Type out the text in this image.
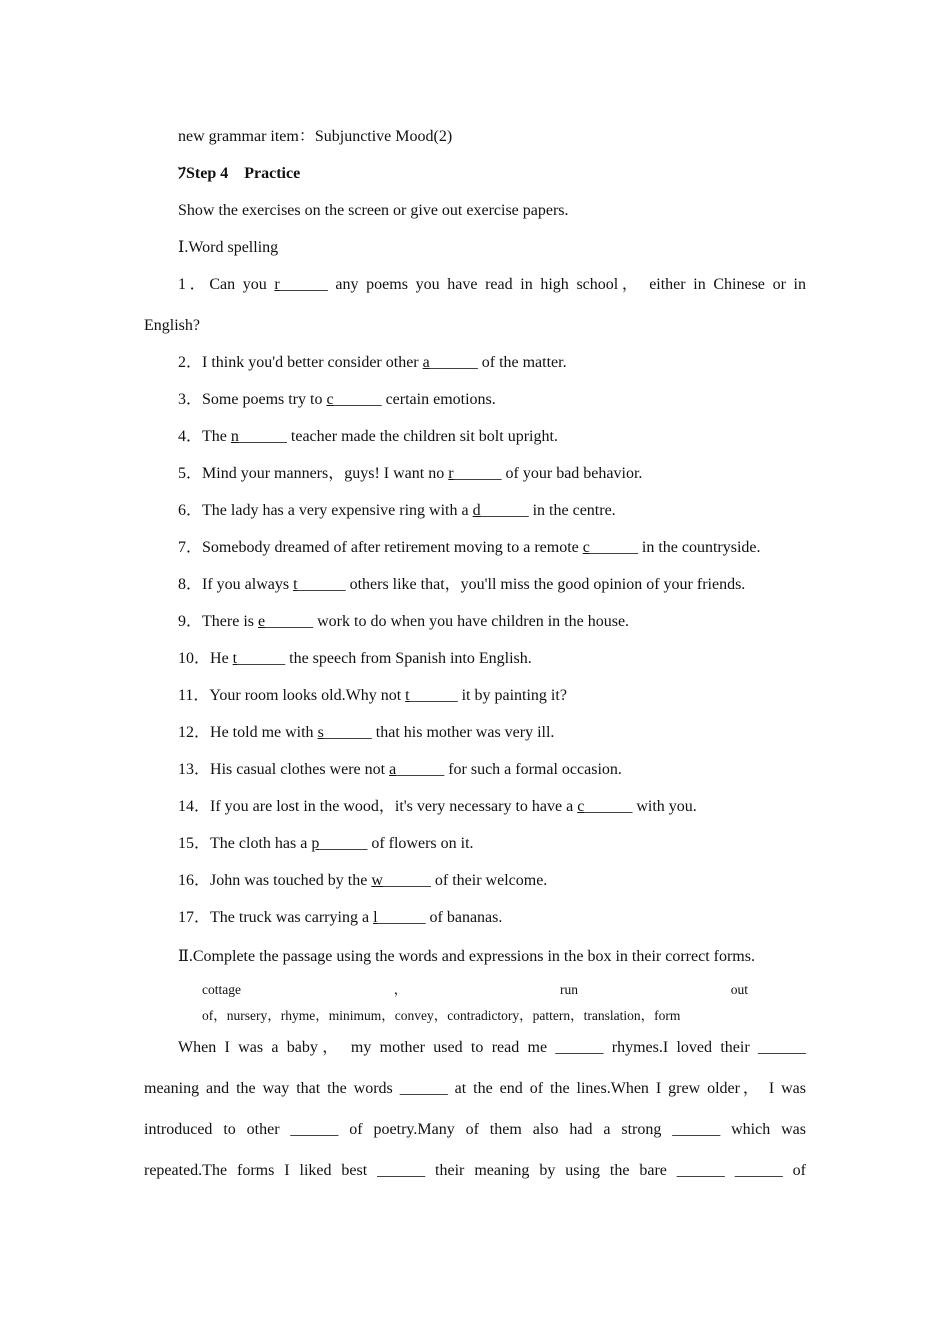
new grammar item：Subjunctive Mood(2)
ﾌStep 4　Practice
Show the exercises on the screen or give out exercise papers.
Ⅰ.Word spelling
1．Can you r______ any poems you have read in high school， either in Chinese or in
English?
2．I think you'd better consider other a______ of the matter.
3．Some poems try to c______ certain emotions.
4．The n______ teacher made the children sit bolt upright.
5．Mind your manners，guys! I want no r______ of your bad behavior.
6．The lady has a very expensive ring with a d______ in the centre.
7．Somebody dreamed of after retirement moving to a remote c______ in the countryside.
8．If you always t______ others like that，you'll miss the good opinion of your friends.
9．There is e______ work to do when you have children in the house.
10．He t______ the speech from Spanish into English.
11．Your room looks old.Why not t______ it by painting it?
12．He told me with s______ that his mother was very ill.
13．His casual clothes were not a______ for such a formal occasion.
14．If you are lost in the wood，it's very necessary to have a c______ with you.
15．The cloth has a p______ of flowers on it.
16．John was touched by the w______ of their welcome.
17．The truck was carrying a l______ of bananas.
Ⅱ.Complete the passage using the words and expressions in the box in their correct forms.
cottage	，	run	out
of，nursery，rhyme，minimum，convey，contradictory，pattern，translation，form
When I was a baby， my mother used to read me ______ rhymes.I loved their ______
meaning and the way that the words ______ at the end of the lines.When I grew older， I was
introduced to other ______ of poetry.Many of them also had a strong ______ which was
repeated.The forms I liked best ______ their meaning by using the bare ______ ______ of
